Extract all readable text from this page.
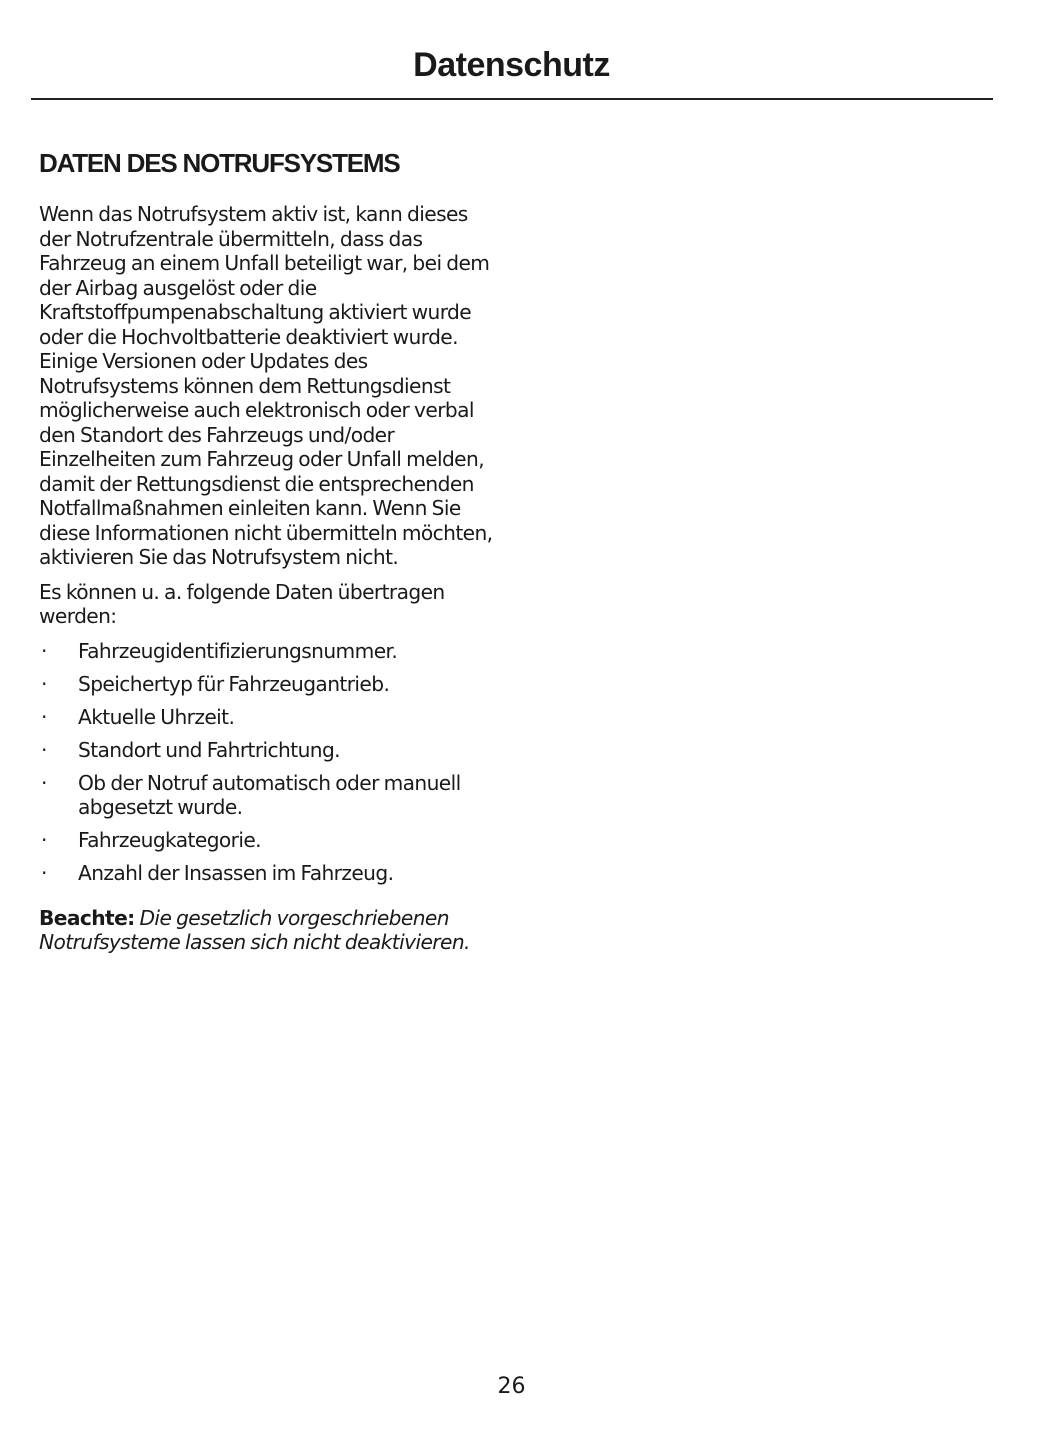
Datenschutz
DATEN DES NOTRUFSYSTEMS

Wenn das Notrufsystem aktiv ist, kann dieses der Notrufzentrale übermitteln, dass das Fahrzeug an einem Unfall beteiligt war, bei dem der Airbag ausgelöst oder die Kraftstoffpumpenabschaltung aktiviert wurde oder die Hochvoltbatterie deaktiviert wurde. Einige Versionen oder Updates des Notrufsystems können dem Rettungsdienst möglicherweise auch elektronisch oder verbal den Standort des Fahrzeugs und/oder Einzelheiten zum Fahrzeug oder Unfall melden, damit der Rettungsdienst die entsprechenden Notfallmaßnahmen einleiten kann. Wenn Sie diese Informationen nicht übermitteln möchten, aktivieren Sie das Notrufsystem nicht.

Es können u. a. folgende Daten übertragen werden:

· Fahrzeugidentifizierungsnummer.
· Speichertyp für Fahrzeugantrieb.
· Aktuelle Uhrzeit.
· Standort und Fahrtrichtung.
· Ob der Notruf automatisch oder manuell abgesetzt wurde.
· Fahrzeugkategorie.
· Anzahl der Insassen im Fahrzeug.

Beachte: Die gesetzlich vorgeschriebenen Notrufsysteme lassen sich nicht deaktivieren.

26
